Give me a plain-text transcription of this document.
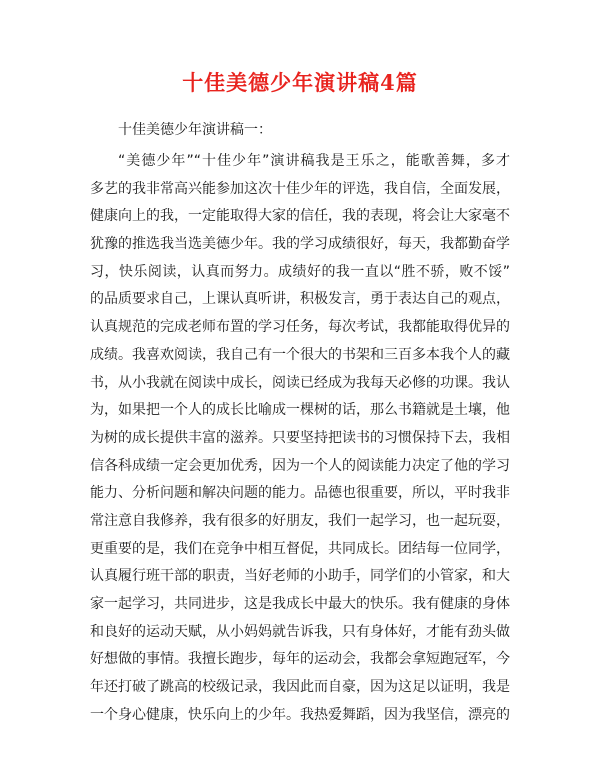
十佳美德少年演讲稿4篇
十佳美德少年演讲稿一：
“美德少年”“十佳少年”演讲稿我是王乐之，能歌善舞，多才
多艺的我非常高兴能参加这次十佳少年的评选，我自信，全面发展，
健康向上的我，一定能取得大家的信任，我的表现，将会让大家毫不
犹豫的推选我当选美德少年。我的学习成绩很好，每天，我都勤奋学
习，快乐阅读，认真而努力。成绩好的我一直以“胜不骄，败不馁”
的品质要求自己，上课认真听讲，积极发言，勇于表达自己的观点，
认真规范的完成老师布置的学习任务，每次考试，我都能取得优异的
成绩。我喜欢阅读，我自己有一个很大的书架和三百多本我个人的藏
书，从小我就在阅读中成长，阅读已经成为我每天必修的功课。我认
为，如果把一个人的成长比喻成一棵树的话，那么书籍就是土壤，他
为树的成长提供丰富的滋养。只要坚持把读书的习惯保持下去，我相
信各科成绩一定会更加优秀，因为一个人的阅读能力决定了他的学习
能力、分析问题和解决问题的能力。品德也很重要，所以，平时我非
常注意自我修养，我有很多的好朋友，我们一起学习，也一起玩耍，
更重要的是，我们在竞争中相互督促，共同成长。团结每一位同学，
认真履行班干部的职责，当好老师的小助手，同学们的小管家，和大
家一起学习，共同进步，这是我成长中最大的快乐。我有健康的身体
和良好的运动天赋，从小妈妈就告诉我，只有身体好，才能有劲头做
好想做的事情。我擅长跑步，每年的运动会，我都会拿短跑冠军，今
年还打破了跳高的校级记录，我因此而自豪，因为这足以证明，我是
一个身心健康，快乐向上的少年。我热爱舞蹈，因为我坚信，漂亮的
